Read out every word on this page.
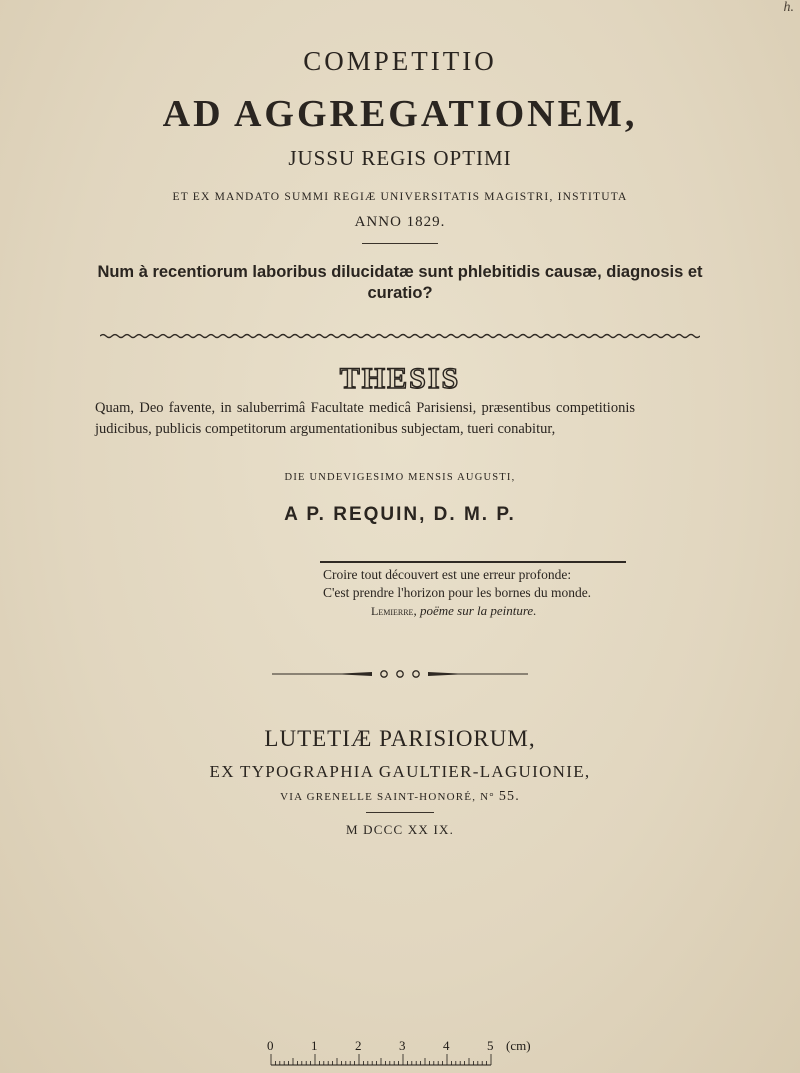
h.
COMPETITIO
AD AGGREGATIONEM,
JUSSU REGIS OPTIMI
ET EX MANDATO SUMMI REGIÆ UNIVERSITATIS MAGISTRI, INSTITUTA
ANNO 1829.
Num à recentiorum laboribus dilucidatæ sunt phlebitidis causæ, diagnosis et curatio?
THESIS
Quam, Deo favente, in saluberrimâ Facultate medicâ Parisiensi, præsentibus competitionis judicibus, publicis competitorum argumentationibus subjectam, tueri conabitur,
DIE UNDEVIGESIMO MENSIS AUGUSTI,
A P. REQUIN, D. M. P.
Croire tout découvert est une erreur profonde:
C'est prendre l'horizon pour les bornes du monde.
Lemierre, poëme sur la peinture.
LUTETIÆ PARISIORUM,
EX TYPOGRAPHIA GAULTIER-LAGUIONIE,
VIA GRENELLE SAINT-HONORÉ, N° 55.
M DCCC XX IX.
0	1	2	3	4	5 (cm)
